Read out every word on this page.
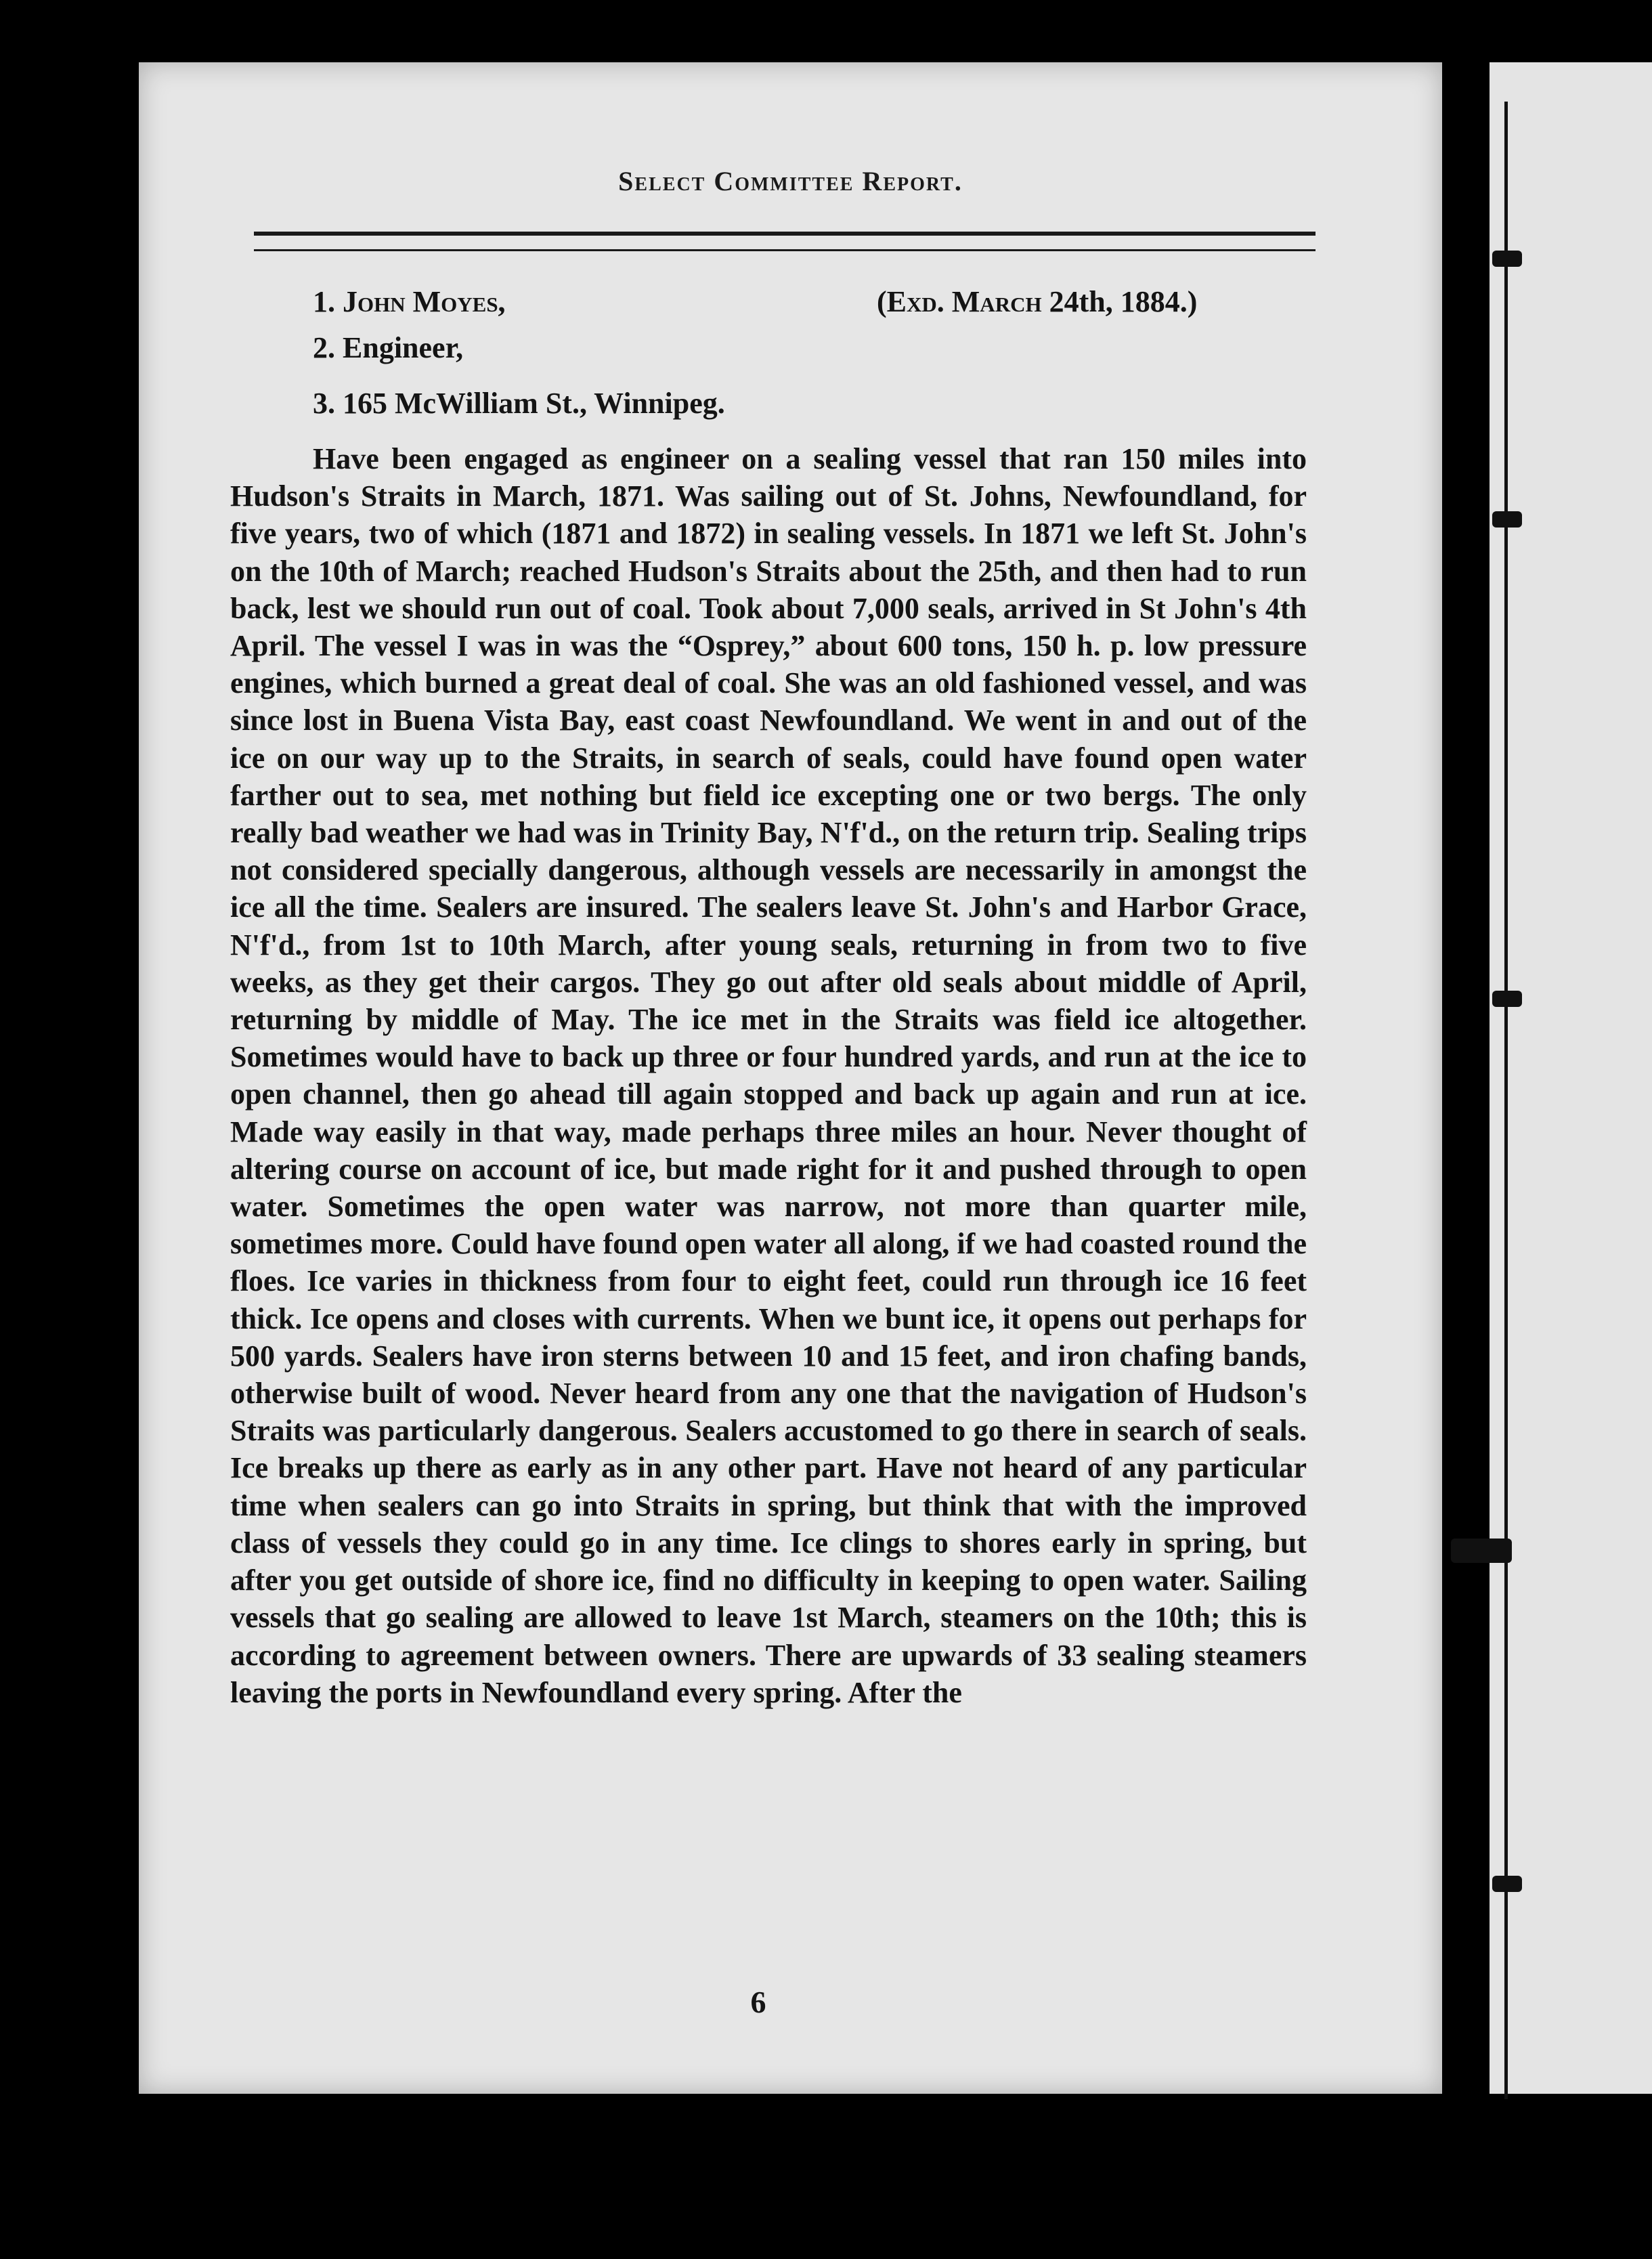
Select Committee Report.
1. John Moyes,	(Exd. March 24th, 1884.)
2. Engineer,
3. 165 McWilliam St., Winnipeg.
Have been engaged as engineer on a sealing vessel that ran 150 miles into Hudson's Straits in March, 1871. Was sailing out of St. Johns, Newfoundland, for five years, two of which (1871 and 1872) in sealing vessels. In 1871 we left St. John's on the 10th of March; reached Hudson's Straits about the 25th, and then had to run back, lest we should run out of coal. Took about 7,000 seals, arrived in St John's 4th April. The vessel I was in was the “Osprey,” about 600 tons, 150 h. p. low pressure engines, which burned a great deal of coal. She was an old fashioned vessel, and was since lost in Buena Vista Bay, east coast Newfoundland. We went in and out of the ice on our way up to the Straits, in search of seals, could have found open water farther out to sea, met nothing but field ice excepting one or two bergs. The only really bad weather we had was in Trinity Bay, N'f'd., on the return trip. Sealing trips not considered specially dangerous, although vessels are necessarily in amongst the ice all the time. Sealers are insured. The sealers leave St. John's and Harbor Grace, N'f'd., from 1st to 10th March, after young seals, returning in from two to five weeks, as they get their cargos. They go out after old seals about middle of April, returning by middle of May. The ice met in the Straits was field ice altogether. Sometimes would have to back up three or four hundred yards, and run at the ice to open channel, then go ahead till again stopped and back up again and run at ice. Made way easily in that way, made perhaps three miles an hour. Never thought of altering course on account of ice, but made right for it and pushed through to open water. Sometimes the open water was narrow, not more than quarter mile, sometimes more. Could have found open water all along, if we had coasted round the floes. Ice varies in thickness from four to eight feet, could run through ice 16 feet thick. Ice opens and closes with currents. When we bunt ice, it opens out perhaps for 500 yards. Sealers have iron sterns between 10 and 15 feet, and iron chafing bands, otherwise built of wood. Never heard from any one that the navigation of Hudson's Straits was particularly dangerous. Sealers accustomed to go there in search of seals. Ice breaks up there as early as in any other part. Have not heard of any particular time when sealers can go into Straits in spring, but think that with the improved class of vessels they could go in any time. Ice clings to shores early in spring, but after you get outside of shore ice, find no difficulty in keeping to open water. Sailing vessels that go sealing are allowed to leave 1st March, steamers on the 10th; this is according to agreement between owners. There are upwards of 33 sealing steamers leaving the ports in Newfoundland every spring. After the
6
